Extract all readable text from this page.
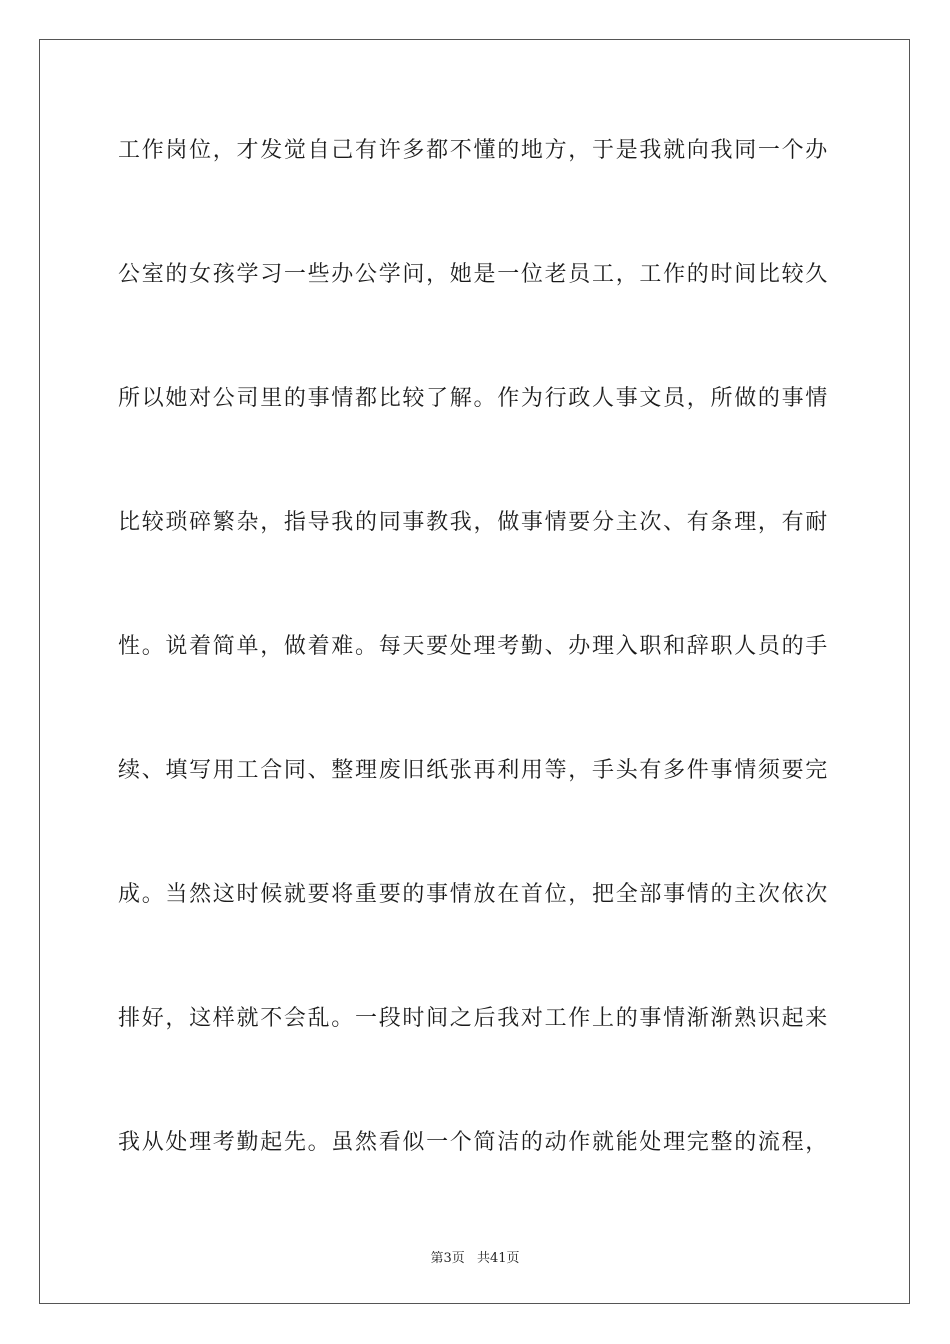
工作岗位，才发觉自己有许多都不懂的地方，于是我就向我同一个办
公室的女孩学习一些办公学问，她是一位老员工，工作的时间比较久
所以她对公司里的事情都比较了解。作为行政人事文员，所做的事情
比较琐碎繁杂，指导我的同事教我，做事情要分主次、有条理，有耐
性。说着简单，做着难。每天要处理考勤、办理入职和辞职人员的手
续、填写用工合同、整理废旧纸张再利用等，手头有多件事情须要完
成。当然这时候就要将重要的事情放在首位，把全部事情的主次依次
排好，这样就不会乱。一段时间之后我对工作上的事情渐渐熟识起来
我从处理考勤起先。虽然看似一个简洁的动作就能处理完整的流程，
第3页 共41页
